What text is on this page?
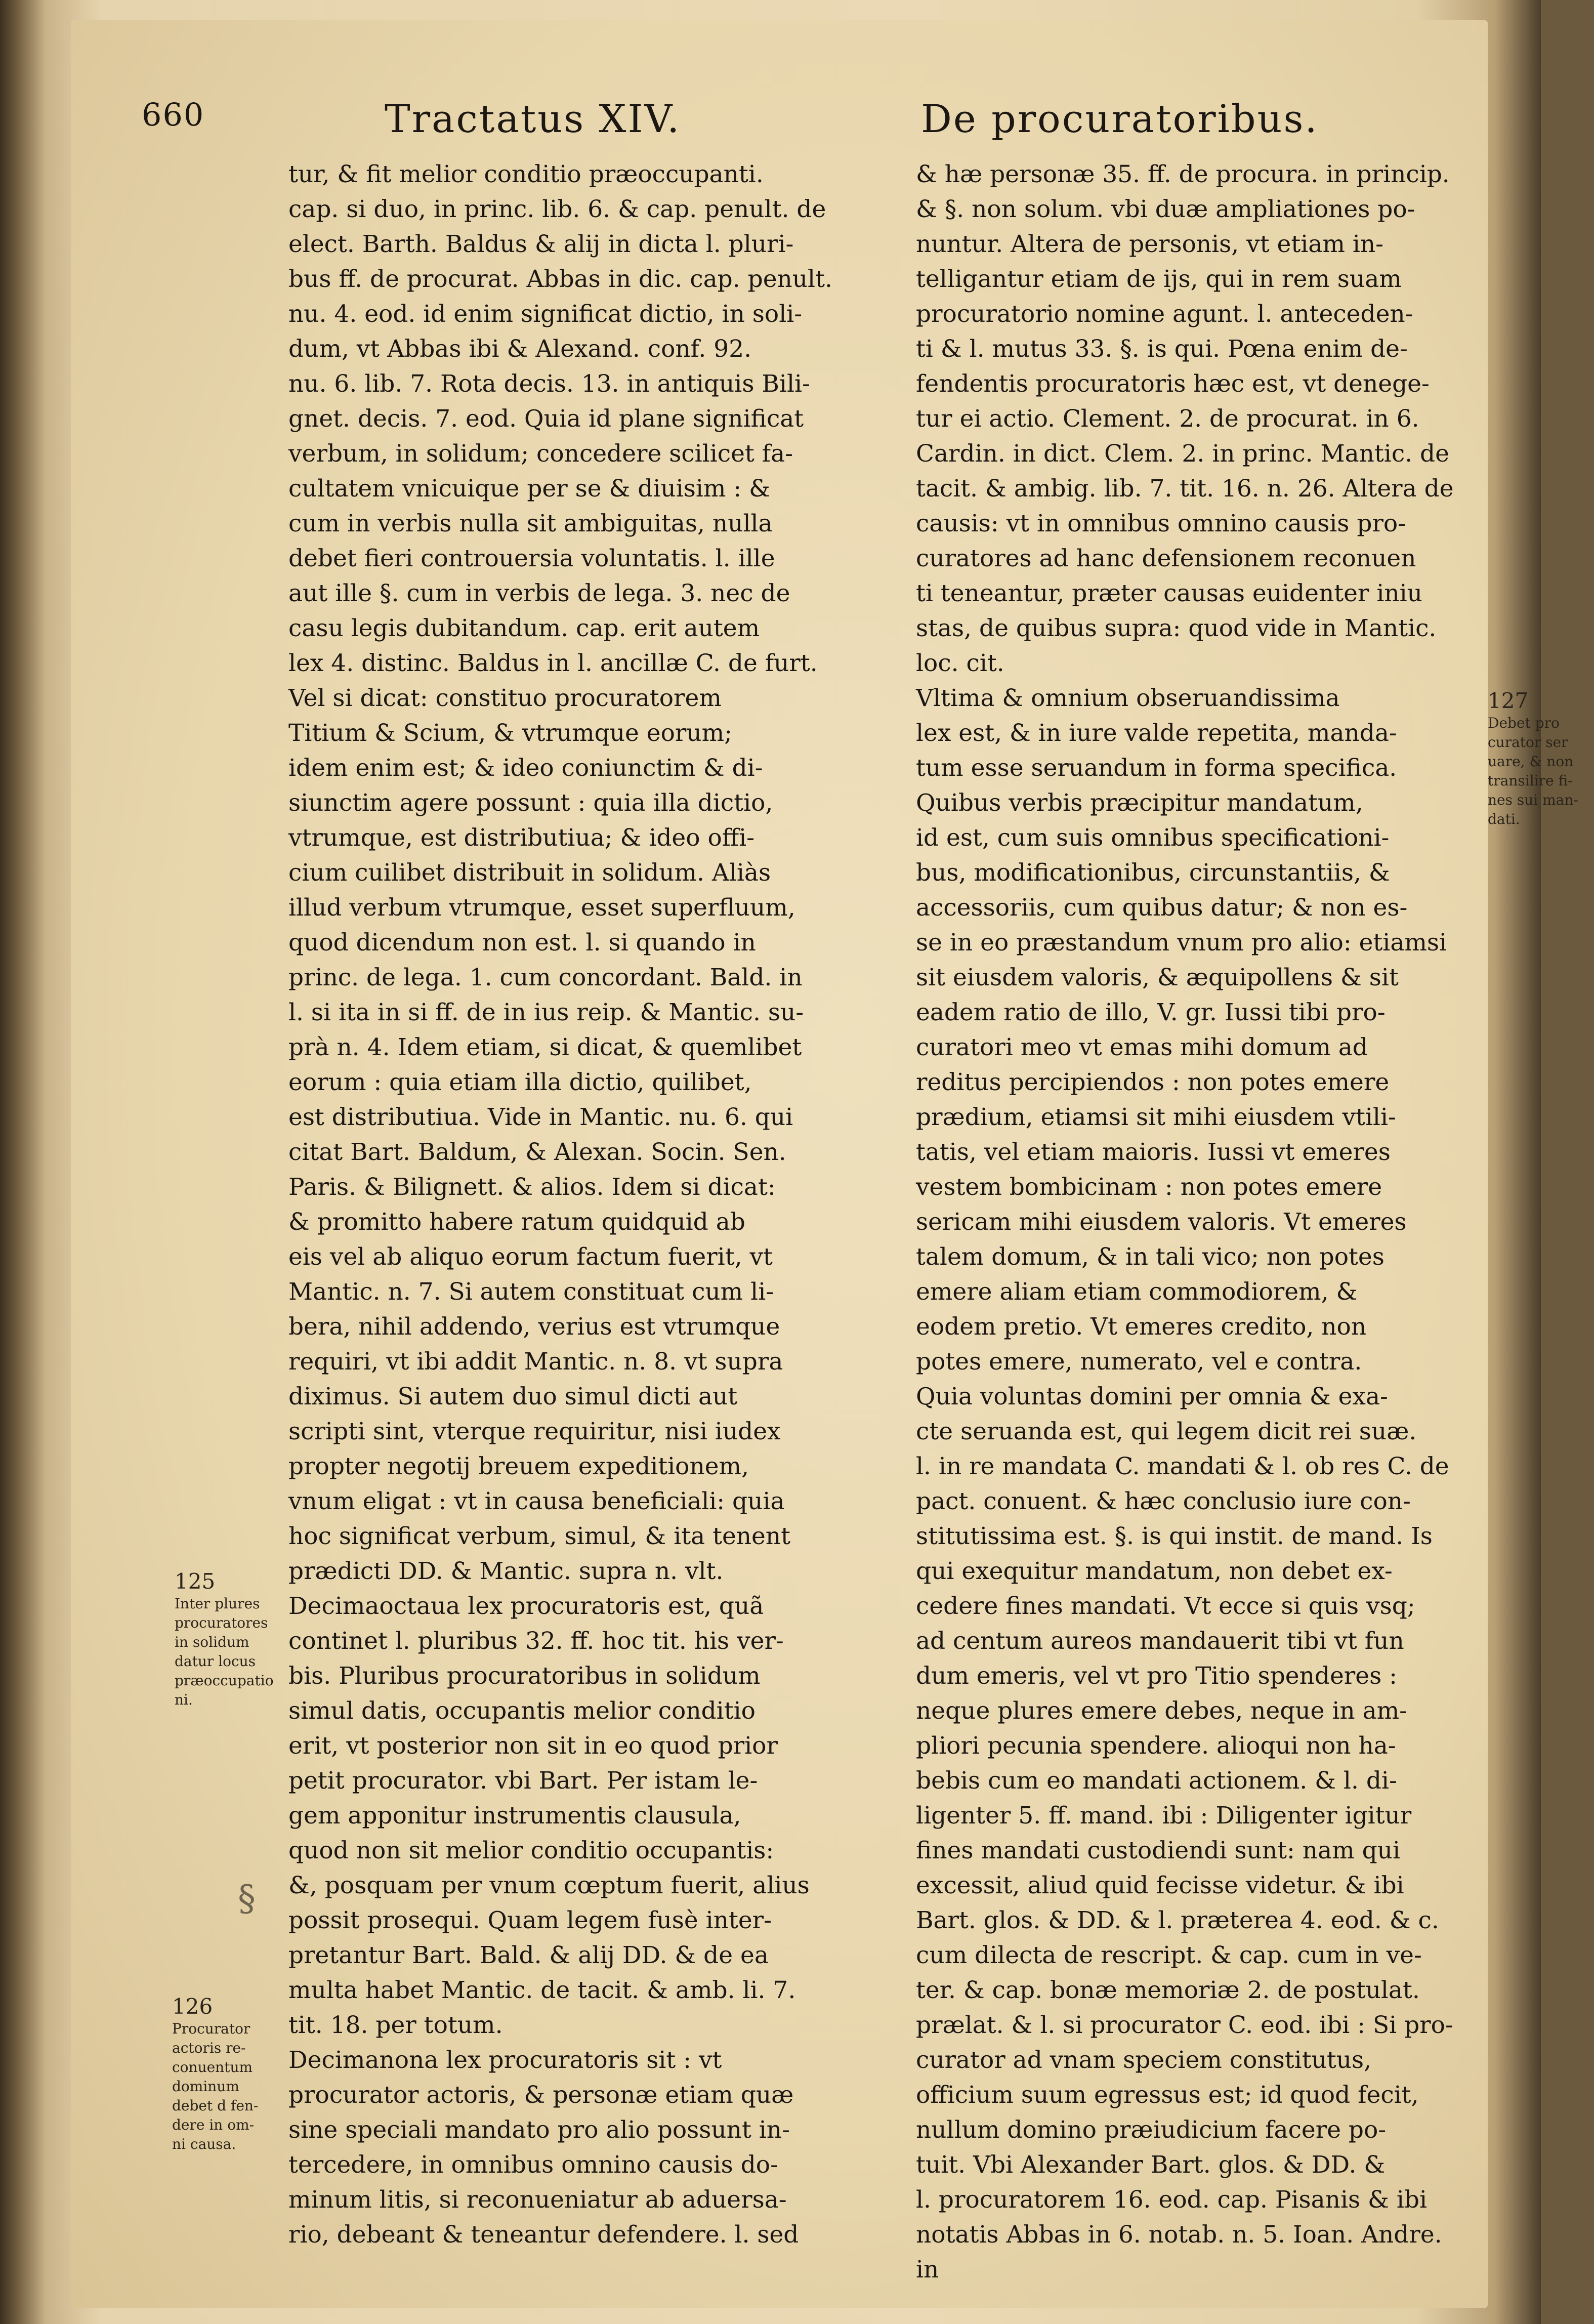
660	Tractatus XIV.	De procuratoribus.
tur, & fit melior conditio præoccupanti.
cap. si duo, in princ. lib. 6. & cap. penult. de
elect. Barth. Baldus & alij in dicta l. pluri-
bus ff. de procurat. Abbas in dic. cap. penult.
nu. 4. eod. id enim significat dictio, in soli-
dum, vt Abbas ibi & Alexand. conf. 92.
nu. 6. lib. 7. Rota decis. 13. in antiquis Bili-
gnet. decis. 7. eod. Quia id plane significat
verbum, in solidum; concedere scilicet fa-
cultatem vnicuique per se & diuisim : &
cum in verbis nulla sit ambiguitas, nulla
debet fieri controuersia voluntatis. l. ille
aut ille §. cum in verbis de lega. 3. nec de
casu legis dubitandum. cap. erit autem
lex 4. distinc. Baldus in l. ancillæ C. de furt.
Vel si dicat: constituo procuratorem
Titium & Scium, & vtrumque eorum;
idem enim est; & ideo coniunctim & di-
siunctim agere possunt : quia illa dictio,
vtrumque, est distributiua; & ideo offi-
cium cuilibet distribuit in solidum. Aliàs
illud verbum vtrumque, esset superfluum,
quod dicendum non est. l. si quando in
princ. de lega. 1. cum concordant. Bald. in
l. si ita in si ff. de in ius reip. & Mantic. su-
prà n. 4. Idem etiam, si dicat, & quemlibet
eorum : quia etiam illa dictio, quilibet,
est distributiua. Vide in Mantic. nu. 6. qui
citat Bart. Baldum, & Alexan. Socin. Sen.
Paris. & Bilignett. & alios. Idem si dicat:
& promitto habere ratum quidquid ab
eis vel ab aliquo eorum factum fuerit, vt
Mantic. n. 7. Si autem constituat cum li-
bera, nihil addendo, verius est vtrumque
requiri, vt ibi addit Mantic. n. 8. vt supra
diximus. Si autem duo simul dicti aut
scripti sint, vterque requiritur, nisi iudex
propter negotij breuem expeditionem,
vnum eligat : vt in causa beneficiali: quia
hoc significat verbum, simul, & ita tenent
prædicti DD. & Mantic. supra n. vlt.
Decimaoctaua lex procuratoris est, quã
continet l. pluribus 32. ff. hoc tit. his ver-
bis. Pluribus procuratoribus in solidum
simul datis, occupantis melior conditio
erit, vt posterior non sit in eo quod prior
petit procurator. vbi Bart. Per istam le-
gem apponitur instrumentis clausula,
quod non sit melior conditio occupantis:
&, posquam per vnum cœptum fuerit, alius
possit prosequi. Quam legem fusè inter-
pretantur Bart. Bald. & alij DD. & de ea
multa habet Mantic. de tacit. & amb. li. 7.
tit. 18. per totum.
Decimanona lex procuratoris sit : vt
procurator actoris, & personæ etiam quæ
sine speciali mandato pro alio possunt in-
tercedere, in omnibus omnino causis do-
minum litis, si reconueniatur ab aduersa-
rio, debeant & teneantur defendere. l. sed
& hæ personæ 35. ff. de procura. in princip.
& §. non solum. vbi duæ ampliationes po-
nuntur. Altera de personis, vt etiam in-
telligantur etiam de ijs, qui in rem suam
procuratorio nomine agunt. l. anteceden-
ti & l. mutus 33. §. is qui. Pœna enim de-
fendentis procuratoris hæc est, vt denege-
tur ei actio. Clement. 2. de procurat. in 6.
Cardin. in dict. Clem. 2. in princ. Mantic. de
tacit. & ambig. lib. 7. tit. 16. n. 26. Altera de
causis: vt in omnibus omnino causis pro-
curatores ad hanc defensionem reconuen
ti teneantur, præter causas euidenter iniu
stas, de quibus supra: quod vide in Mantic.
loc. cit.
Vltima & omnium obseruandissima
lex est, & in iure valde repetita, manda-
tum esse seruandum in forma specifica.
Quibus verbis præcipitur mandatum,
id est, cum suis omnibus specificationi-
bus, modificationibus, circunstantiis, &
accessoriis, cum quibus datur; & non es-
se in eo præstandum vnum pro alio: etiamsi
sit eiusdem valoris, & æquipollens & sit
eadem ratio de illo, V. gr. Iussi tibi pro-
curatori meo vt emas mihi domum ad
reditus percipiendos : non potes emere
prædium, etiamsi sit mihi eiusdem vtili-
tatis, vel etiam maioris. Iussi vt emeres
vestem bombicinam : non potes emere
sericam mihi eiusdem valoris. Vt emeres
talem domum, & in tali vico; non potes
emere aliam etiam commodiorem, &
eodem pretio. Vt emeres credito, non
potes emere, numerato, vel e contra.
Quia voluntas domini per omnia & exa-
cte seruanda est, qui legem dicit rei suæ.
l. in re mandata C. mandati & l. ob res C. de
pact. conuent. & hæc conclusio iure con-
stitutissima est. §. is qui instit. de mand. Is
qui exequitur mandatum, non debet ex-
cedere fines mandati. Vt ecce si quis vsq;
ad centum aureos mandauerit tibi vt fun
dum emeris, vel vt pro Titio spenderes :
neque plures emere debes, neque in am-
pliori pecunia spendere. alioqui non ha-
bebis cum eo mandati actionem. & l. di-
ligenter 5. ff. mand. ibi : Diligenter igitur
fines mandati custodiendi sunt: nam qui
excessit, aliud quid fecisse videtur. & ibi
Bart. glos. & DD. & l. præterea 4. eod. & c.
cum dilecta de rescript. & cap. cum in ve-
ter. & cap. bonæ memoriæ 2. de postulat.
prælat. & l. si procurator C. eod. ibi : Si pro-
curator ad vnam speciem constitutus,
officium suum egressus est; id quod fecit,
nullum domino præiudicium facere po-
tuit. Vbi Alexander Bart. glos. & DD. &
l. procuratorem 16. eod. cap. Pisanis & ibi
notatis Abbas in 6. notab. n. 5. Ioan. Andre.
in
125
Inter plures
procuratores
in solidum
datur locus
præoccupatio
ni.
§
126
Procurator
actoris re-
conuentum
dominum
debet d fen-
dere in om-
ni causa.
127
Debet pro
curator ser
uare, & non
transilire fi-
nes sui man-
dati.
